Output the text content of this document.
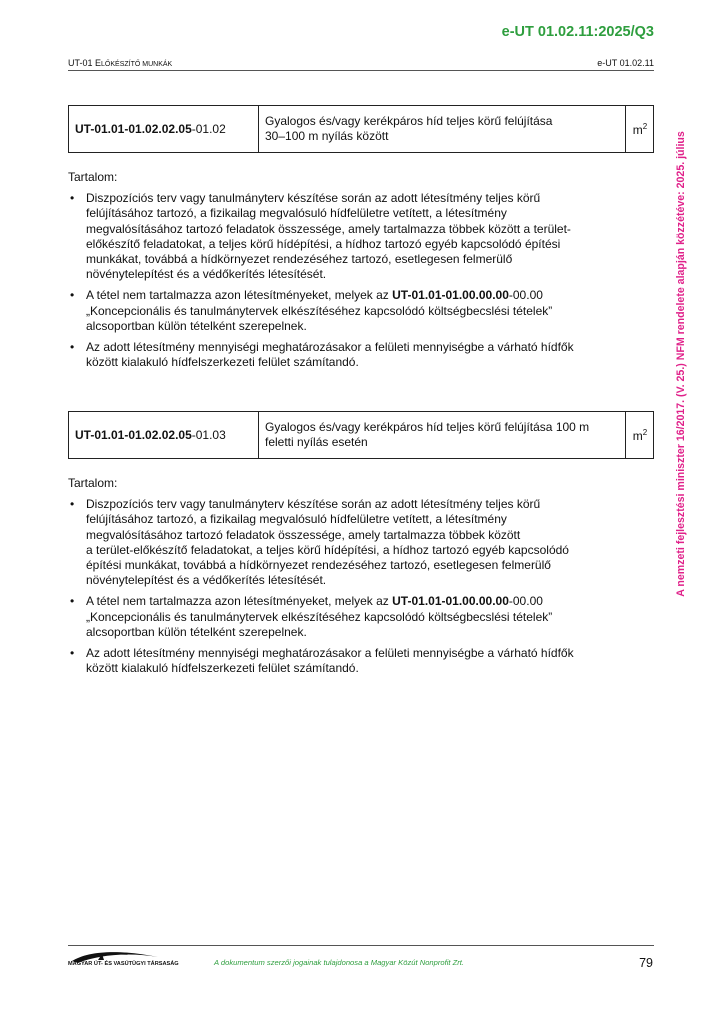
e-UT 01.02.11:2025/Q3
UT-01 ELŐKÉSZÍTŐ MUNKÁK	e-UT 01.02.11
A nemzeti fejlesztési miniszter 16/2017. (V. 25.) NFM rendelete alapján közzétéve: 2025. július
UT-01.01-01.02.02.05-01.02	Gyalogos és/vagy kerékpáros híd teljes körű felújítása
30–100 m nyílás között	$m^2$
Tartalom:
• Diszpozíciós terv vagy tanulmányterv készítése során az adott létesítmény teljes körű
felújításához tartozó, a fizikailag megvalósuló hídfelületre vetített, a létesítmény
megvalósításához tartozó feladatok összessége, amely tartalmazza többek között a terület-
előkészítő feladatokat, a teljes körű hídépítési, a hídhoz tartozó egyéb kapcsolódó építési
munkákat, továbbá a hídkörnyezet rendezéséhez tartozó, esetlegesen felmerülő
növénytelepítést és a védőkerítés létesítését.
• A tétel nem tartalmazza azon létesítményeket, melyek az UT-01.01-01.00.00.00-00.00
„Koncepcionális és tanulmánytervek elkészítéséhez kapcsolódó költségbecslési tételek”
alcsoportban külön tételként szerepelnek.
• Az adott létesítmény mennyiségi meghatározásakor a felületi mennyiségbe a várható hídfők
között kialakuló hídfelszerkezeti felület számítandó.
UT-01.01-01.02.02.05-01.03	Gyalogos és/vagy kerékpáros híd teljes körű felújítása 100 m
feletti nyílás esetén	$m^2$
Tartalom:
• Diszpozíciós terv vagy tanulmányterv készítése során az adott létesítmény teljes körű
felújításához tartozó, a fizikailag megvalósuló hídfelületre vetített, a létesítmény
megvalósításához tartozó feladatok összessége, amely tartalmazza többek között
a terület-előkészítő feladatokat, a teljes körű hídépítési, a hídhoz tartozó egyéb kapcsolódó
építési munkákat, továbbá a hídkörnyezet rendezéséhez tartozó, esetlegesen felmerülő
növénytelepítést és a védőkerítés létesítését.
• A tétel nem tartalmazza azon létesítményeket, melyek az UT-01.01-01.00.00.00-00.00
„Koncepcionális és tanulmánytervek elkészítéséhez kapcsolódó költségbecslési tételek”
alcsoportban külön tételként szerepelnek.
• Az adott létesítmény mennyiségi meghatározásakor a felületi mennyiségbe a várható hídfők
között kialakuló hídfelszerkezeti felület számítandó.
MAGYAR ÚT- ÉS VASÚTÜGYI TÁRSASÁG	A dokumentum szerzői jogainak tulajdonosa a Magyar Közút Nonprofit Zrt.	79
